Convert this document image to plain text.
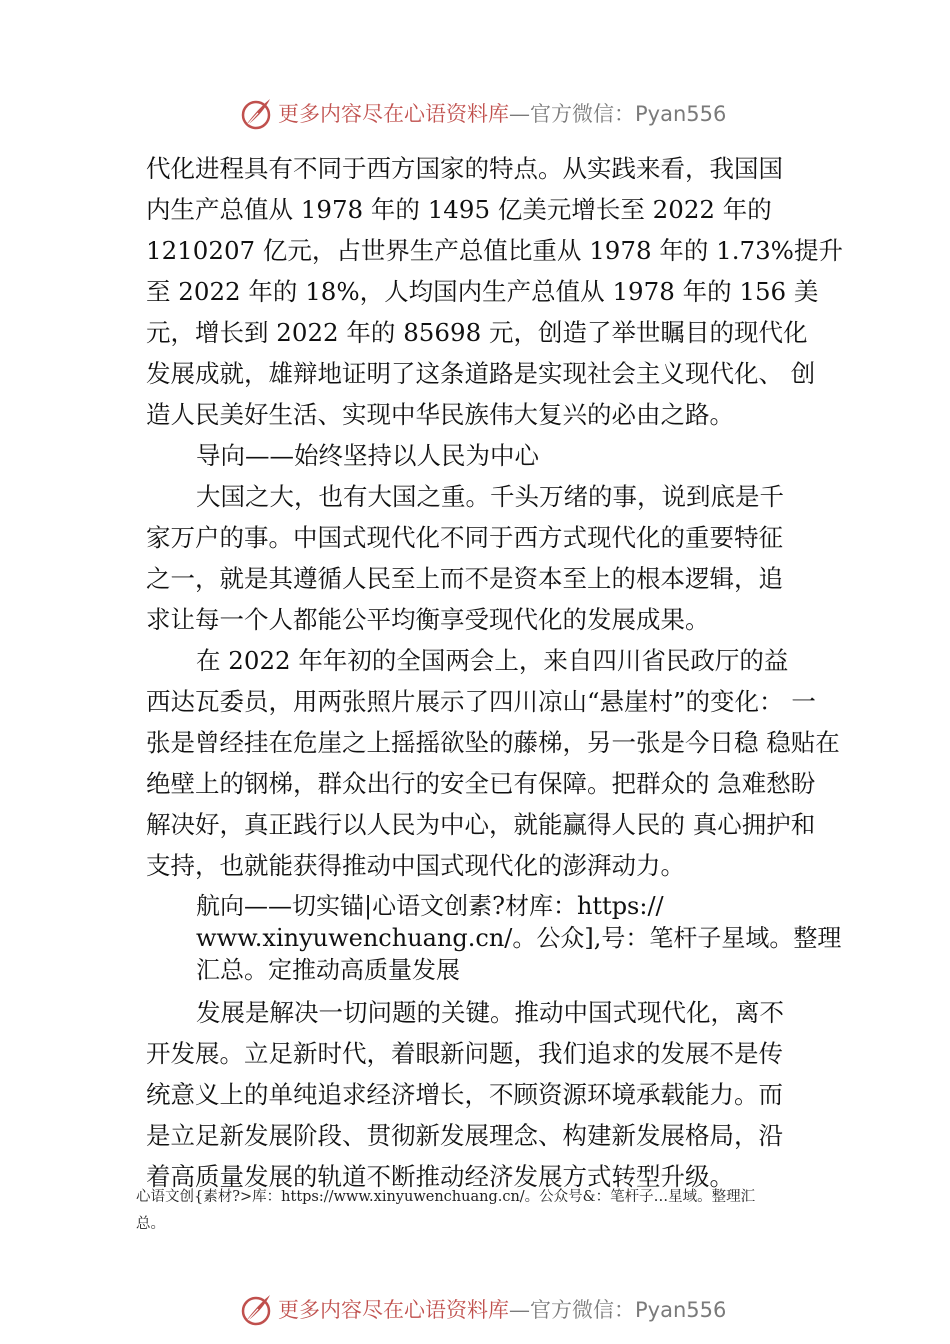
更多内容尽在心语资料库 —官方微信：Pyan556

代化进程具有不同于西方国家的特点。从实践来看，我国国
内生产总值从 1978 年的 1495 亿美元增长至 2022 年的
1210207 亿元，占世界生产总值比重从 1978 年的 1.73%提升
至 2022 年的 18%，人均国内生产总值从 1978 年的 156 美
元，增长到 2022 年的 85698 元，创造了举世瞩目的现代化
发展成就，雄辩地证明了这条道路是实现社会主义现代化、 创
造人民美好生活、实现中华民族伟大复兴的必由之路。

导向——始终坚持以人民为中心

大国之大，也有大国之重。千头万绪的事，说到底是千
家万户的事。中国式现代化不同于西方式现代化的重要特征
之一，就是其遵循人民至上而不是资本至上的根本逻辑，追
求让每一个人都能公平均衡享受现代化的发展成果。

在 2022 年年初的全国两会上，来自四川省民政厅的益
西达瓦委员，用两张照片展示了四川凉山“悬崖村”的变化： 一
张是曾经挂在危崖之上摇摇欲坠的藤梯，另一张是今日稳 稳贴在
绝壁上的钢梯，群众出行的安全已有保障。把群众的 急难愁盼
解决好，真正践行以人民为中心，就能赢得人民的 真心拥护和
支持，也就能获得推动中国式现代化的澎湃动力。

航向——切实锚|心语文创素?材库：https://
www.xinyuwenchuang.cn/。公众],号：笔杆子星域。整理
汇总。定推动高质量发展

发展是解决一切问题的关键。推动中国式现代化，离不
开发展。立足新时代，着眼新问题，我们追求的发展不是传
统意义上的单纯追求经济增长，不顾资源环境承载能力。而
是立足新发展阶段、贯彻新发展理念、构建新发展格局，沿
着高质量发展的轨道不断推动经济发展方式转型升级。

心语文创{素材?>库：https://www.xinyuwenchuang.cn/。公众号&：笔杆子…星域。整理汇
总。
更多内容尽在心语资料库 —官方微信：Pyan556
